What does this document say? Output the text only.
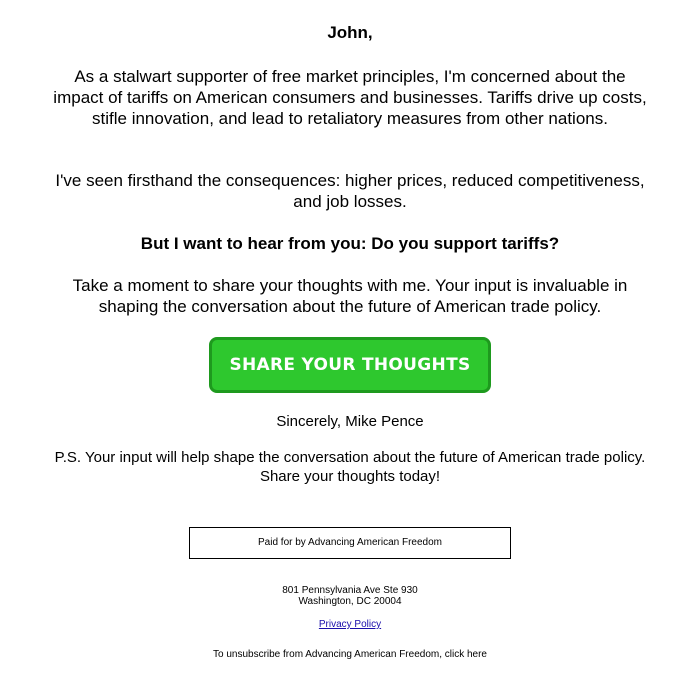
John,
As a stalwart supporter of free market principles, I'm concerned about the impact of tariffs on American consumers and businesses. Tariffs drive up costs, stifle innovation, and lead to retaliatory measures from other nations.
I've seen firsthand the consequences: higher prices, reduced competitiveness, and job losses.
But I want to hear from you: Do you support tariffs?
Take a moment to share your thoughts with me. Your input is invaluable in shaping the conversation about the future of American trade policy.
SHARE YOUR THOUGHTS
Sincerely, Mike Pence
P.S. Your input will help shape the conversation about the future of American trade policy. Share your thoughts today!
Paid for by Advancing American Freedom
801 Pennsylvania Ave Ste 930
Washington, DC 20004
Privacy Policy
To unsubscribe from Advancing American Freedom, click here
